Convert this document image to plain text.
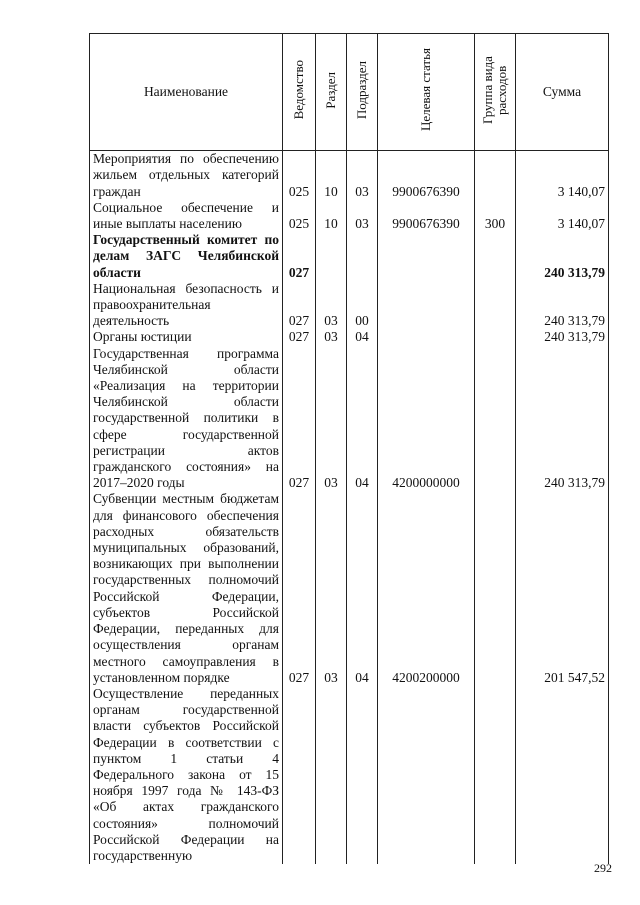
Наименование	Ведомство	Раздел	Подраздел	Целевая статья	Группа вида расходов	Сумма
Мероприятия по обеспечению жильем отдельных категорий граждан	025	10	03	9900676390		3 140,07
Социальное обеспечение и иные выплаты населению	025	10	03	9900676390	300	3 140,07
Государственный комитет по делам ЗАГС Челябинской области	027					240 313,79
Национальная безопасность и правоохранительная деятельность	027	03	00			240 313,79
Органы юстиции	027	03	04			240 313,79
Государственная программа Челябинской области «Реализация на территории Челябинской области государственной политики в сфере государственной регистрации актов гражданского состояния» на 2017–2020 годы	027	03	04	4200000000		240 313,79
Субвенции местным бюджетам для финансового обеспечения расходных обязательств муниципальных образований, возникающих при выполнении государственных полномочий Российской Федерации, субъектов Российской Федерации, переданных для осуществления органам местного самоуправления в установленном порядке	027	03	04	4200200000		201 547,52
Осуществление переданных органам государственной власти субъектов Российской Федерации в соответствии с пунктом 1 статьи 4 Федерального закона от 15 ноября 1997 года № 143-ФЗ «Об актах гражданского состояния» полномочий Российской Федерации на государственную						
292
